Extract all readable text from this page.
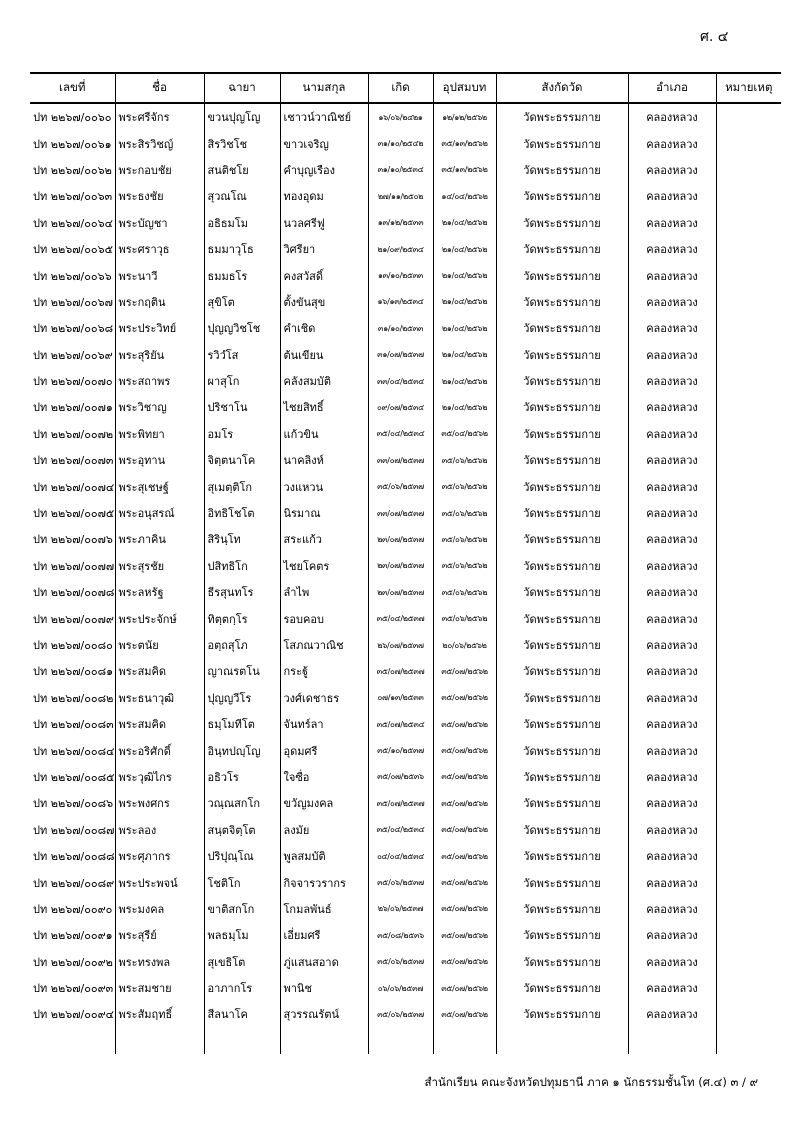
ศ. ๔
เลขที่	ชื่อ	ฉายา	นามสกุล	เกิด	อุปสมบท	สังกัดวัด	อำเภอ	หมายเหตุ
ปท ๒๒๖๗/๐๐๖๐	พระศรีจักร	ขวนปุญโญ	เชาวน์วาณิชย์	๑๖/๐๖/๒๔๒๑	๑๒/๑๒/๒๕๖๒	วัดพระธรรมกาย	คลองหลวง	
ปท ๒๒๖๗/๐๐๖๑	พระสิรวิชญ์	สิรวิชโช	ขาวเจริญ	๓๑/๑๐/๒๕๔๒	๓๕/๑๓/๒๕๖๒	วัดพระธรรมกาย	คลองหลวง	
ปท ๒๒๖๗/๐๐๖๒	พระกอบชัย	สนติชโย	คำบุญเรือง	๓๑/๑๐/๒๕๓๔	๓๕/๑๓/๒๕๖๒	วัดพระธรรมกาย	คลองหลวง	
ปท ๒๒๖๗/๐๐๖๓	พระธงชัย	สุวณโณ	ทองอุดม	๒๗/๑๑/๒๕๐๒	๑๔/๐๔/๒๕๖๒	วัดพระธรรมกาย	คลองหลวง	
ปท ๒๒๖๗/๐๐๖๔	พระบัญชา	อธิธมโม	นวลศรีฟู	๑๓/๑๒/๒๕๓๓	๒๑/๐๔/๒๕๖๒	วัดพระธรรมกาย	คลองหลวง	
ปท ๒๒๖๗/๐๐๖๕	พระศราวุธ	ธมมาวุโธ	วิศรียา	๒๑/๐๙/๒๕๓๔	๒๑/๐๔/๒๕๖๒	วัดพระธรรมกาย	คลองหลวง	
ปท ๒๒๖๗/๐๐๖๖	พระนาวี	ธมมธโร	คงสวัสดิ์	๑๓/๑๐/๒๕๓๓	๒๑/๐๔/๒๕๖๒	วัดพระธรรมกาย	คลองหลวง	
ปท ๒๒๖๗/๐๐๖๗	พระกฤติน	สุขิโต	ตั้งขันสุข	๑๖/๑๓/๒๕๓๔	๒๑/๐๔/๒๕๖๒	วัดพระธรรมกาย	คลองหลวง	
ปท ๒๒๖๗/๐๐๖๘	พระประวิทย์	ปุญญวิชโช	คำเชิด	๓๑/๑๐/๒๕๓๓	๒๑/๐๔/๒๕๖๒	วัดพระธรรมกาย	คลองหลวง	
ปท ๒๒๖๗/๐๐๖๙	พระสุริยัน	รวิวํโส	ต้นเขียน	๓๑/๐๗/๒๕๓๗	๒๑/๐๔/๒๕๖๒	วัดพระธรรมกาย	คลองหลวง	
ปท ๒๒๖๗/๐๐๗๐	พระสถาพร	ผาสุโก	คลังสมบัติ	๓๓/๐๔/๒๕๓๔	๒๑/๐๔/๒๕๖๒	วัดพระธรรมกาย	คลองหลวง	
ปท ๒๒๖๗/๐๐๗๑	พระวิชาญ	ปริชาโน	ไชยสิทธิ์	๐๙/๐๗/๒๕๓๔	๒๑/๐๔/๒๕๖๒	วัดพระธรรมกาย	คลองหลวง	
ปท ๒๒๖๗/๐๐๗๒	พระพิทยา	อมโร	แก้วขิน	๓๕/๐๔/๒๕๓๔	๓๕/๐๔/๒๕๖๒	วัดพระธรรมกาย	คลองหลวง	
ปท ๒๒๖๗/๐๐๗๓	พระอุทาน	จิตฺตนาโค	นาคลิงห์	๓๓/๐๗/๒๕๓๗	๓๕/๐๖/๒๕๖๒	วัดพระธรรมกาย	คลองหลวง	
ปท ๒๒๖๗/๐๐๗๔	พระสุเชษฐ์	สุเมตฺติโก	วงแหวน	๓๕/๐๖/๒๕๓๗	๓๕/๐๖/๒๕๖๒	วัดพระธรรมกาย	คลองหลวง	
ปท ๒๒๖๗/๐๐๗๕	พระอนุสรณ์	อิทธิโชโต	นิรมาณ	๓๓/๐๗/๒๕๓๗	๓๕/๐๖/๒๕๖๒	วัดพระธรรมกาย	คลองหลวง	
ปท ๒๒๖๗/๐๐๗๖	พระภาคิน	สิรินฺโท	สระแก้ว	๒๓/๐๗/๒๕๓๗	๓๕/๐๖/๒๕๖๒	วัดพระธรรมกาย	คลองหลวง	
ปท ๒๒๖๗/๐๐๗๗	พระสุรชัย	ปสิทธิโก	ไชยโคตร	๒๓/๐๗/๒๕๓๗	๓๕/๐๖/๒๕๖๒	วัดพระธรรมกาย	คลองหลวง	
ปท ๒๒๖๗/๐๐๗๘	พระลหรัฐ	ธีรสุนทโร	ลำไพ	๒๓/๐๗/๒๕๓๗	๓๕/๐๖/๒๕๖๒	วัดพระธรรมกาย	คลองหลวง	
ปท ๒๒๖๗/๐๐๗๙	พระประจักษ์	ทิตฺตกฺโร	รอบคอบ	๓๕/๐๔/๒๕๓๗	๓๕/๐๖/๒๕๖๒	วัดพระธรรมกาย	คลองหลวง	
ปท ๒๒๖๗/๐๐๘๐	พระตนัย	อตฺถสุโภ	โสภณวาณิช	๒๖/๐๗/๒๕๓๗	๒๐/๐๖/๒๕๖๒	วัดพระธรรมกาย	คลองหลวง	
ปท ๒๒๖๗/๐๐๘๑	พระสมคิด	ญาณรตโน	กระฐู้	๓๕/๐๗/๒๕๓๗	๓๕/๐๗/๒๕๖๒	วัดพระธรรมกาย	คลองหลวง	
ปท ๒๒๖๗/๐๐๘๒	พระธนาวุฒิ	ปุญญวีโร	วงศ์เดชาธร	๐๗/๑๓/๒๕๓๓	๓๕/๐๗/๒๕๖๒	วัดพระธรรมกาย	คลองหลวง	
ปท ๒๒๖๗/๐๐๘๓	พระสมคิด	ธมฺโมทีโต	จันทร์ลา	๓๕/๐๗/๒๕๓๔	๓๕/๐๗/๒๕๖๒	วัดพระธรรมกาย	คลองหลวง	
ปท ๒๒๖๗/๐๐๘๔	พระอริศักดิ์	อินฺทปญฺโญ	อุดมศรี	๓๕/๑๐/๒๕๓๗	๓๕/๐๗/๒๕๖๒	วัดพระธรรมกาย	คลองหลวง	
ปท ๒๒๖๗/๐๐๘๕	พระวุฒิไกร	อธิวโร	ใจซื่อ	๓๕/๐๗/๒๕๓๖	๓๕/๐๗/๒๕๖๒	วัดพระธรรมกาย	คลองหลวง	
ปท ๒๒๖๗/๐๐๘๖	พระพงศกร	วณฺณสกโก	ขวัญมงคล	๓๕/๐๗/๒๕๓๗	๓๕/๐๗/๒๕๖๒	วัดพระธรรมกาย	คลองหลวง	
ปท ๒๒๖๗/๐๐๘๗	พระลอง	สนฺตจิตฺโต	ลงมัย	๓๕/๐๔/๒๕๓๔	๓๕/๐๗/๒๕๖๒	วัดพระธรรมกาย	คลองหลวง	
ปท ๒๒๖๗/๐๐๘๘	พระศุภากร	ปริปุณฺโณ	พูลสมบัติ	๐๔/๐๔/๒๕๓๔	๓๕/๐๗/๒๕๖๒	วัดพระธรรมกาย	คลองหลวง	
ปท ๒๒๖๗/๐๐๘๙	พระประพจน์	โชติโก	กิจจารวรากร	๓๕/๐๖/๒๕๓๗	๓๕/๐๗/๒๕๖๒	วัดพระธรรมกาย	คลองหลวง	
ปท ๒๒๖๗/๐๐๙๐	พระมงคล	ขาติสกโก	โกมลพันธ์	๒๖/๐๖/๒๕๓๗	๓๕/๐๗/๒๕๖๒	วัดพระธรรมกาย	คลองหลวง	
ปท ๒๒๖๗/๐๐๙๑	พระสุรีย์	พลธมฺโม	เอี่ยมศรี	๓๕/๐๘/๒๕๓๖	๓๕/๐๗/๒๕๖๒	วัดพระธรรมกาย	คลองหลวง	
ปท ๒๒๖๗/๐๐๙๒	พระทรงพล	สุเขธิโต	ภู่แสนสอาด	๓๕/๐๖/๒๕๓๗	๓๕/๐๗/๒๕๖๒	วัดพระธรรมกาย	คลองหลวง	
ปท ๒๒๖๗/๐๐๙๓	พระสมชาย	อาภากโร	พานิช	๐๖/๐๖/๒๕๓๗	๓๕/๐๗/๒๕๖๒	วัดพระธรรมกาย	คลองหลวง	
ปท ๒๒๖๗/๐๐๙๔	พระสัมฤทธิ์	สีลนาโค	สุวรรณรัตน์	๓๕/๐๖/๒๕๓๗	๓๕/๐๗/๒๕๖๒	วัดพระธรรมกาย	คลองหลวง	

สำนักเรียน คณะจังหวัดปทุมธานี ภาค ๑ นักธรรมชั้นโท (ศ.๔) ๓ / ๙
